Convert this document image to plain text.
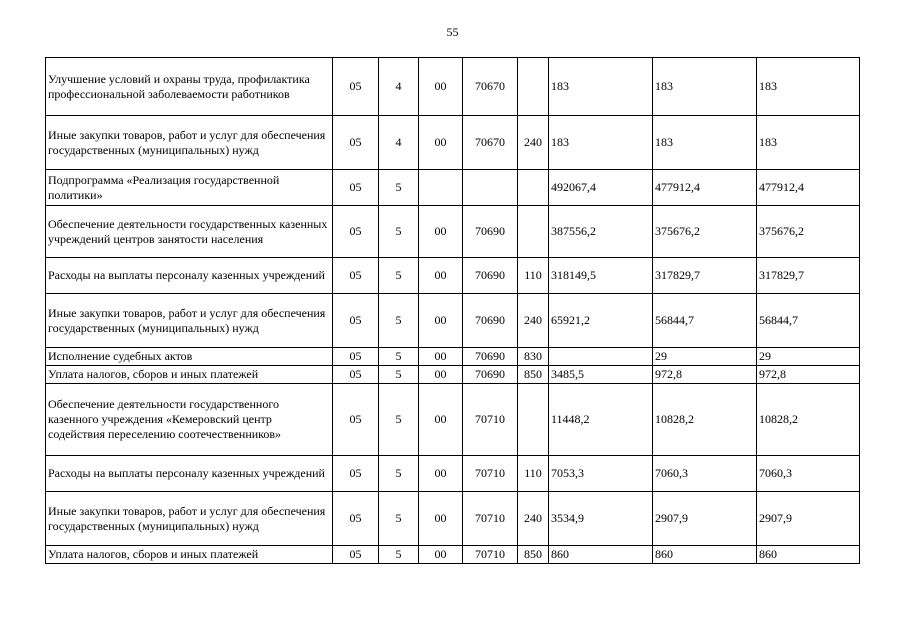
55
Улучшение условий и охраны труда, профилактика профессиональной заболеваемости работников	05	4	00	70670		183	183	183
Иные закупки товаров, работ и услуг для обеспечения государственных (муниципальных) нужд	05	4	00	70670	240	183	183	183
Подпрограмма «Реализация государственной политики»	05	5				492067,4	477912,4	477912,4
Обеспечение деятельности государственных казенных учреждений центров занятости населения	05	5	00	70690		387556,2	375676,2	375676,2
Расходы на выплаты персоналу казенных учреждений	05	5	00	70690	110	318149,5	317829,7	317829,7
Иные закупки товаров, работ и услуг для обеспечения государственных (муниципальных) нужд	05	5	00	70690	240	65921,2	56844,7	56844,7
Исполнение судебных актов	05	5	00	70690	830		29	29
Уплата налогов, сборов и иных платежей	05	5	00	70690	850	3485,5	972,8	972,8
Обеспечение деятельности государственного казенного учреждения «Кемеровский центр содействия переселению соотечественников»	05	5	00	70710		11448,2	10828,2	10828,2
Расходы на выплаты персоналу казенных учреждений	05	5	00	70710	110	7053,3	7060,3	7060,3
Иные закупки товаров, работ и услуг для обеспечения государственных (муниципальных) нужд	05	5	00	70710	240	3534,9	2907,9	2907,9
Уплата налогов, сборов и иных платежей	05	5	00	70710	850	860	860	860
